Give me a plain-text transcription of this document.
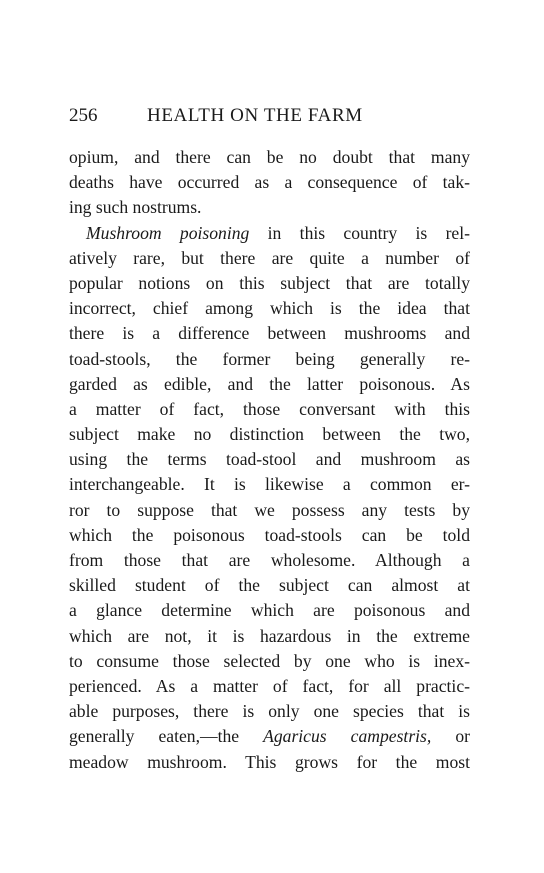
256	HEALTH ON THE FARM
opium, and there can be no doubt that many
deaths have occurred as a consequence of tak-
ing such nostrums.
Mushroom poisoning in this country is rel-
atively rare, but there are quite a number of
popular notions on this subject that are totally
incorrect, chief among which is the idea that
there is a difference between mushrooms and
toad-stools, the former being generally re-
garded as edible, and the latter poisonous. As
a matter of fact, those conversant with this
subject make no distinction between the two,
using the terms toad-stool and mushroom as
interchangeable. It is likewise a common er-
ror to suppose that we possess any tests by
which the poisonous toad-stools can be told
from those that are wholesome. Although a
skilled student of the subject can almost at
a glance determine which are poisonous and
which are not, it is hazardous in the extreme
to consume those selected by one who is inex-
perienced. As a matter of fact, for all practic-
able purposes, there is only one species that is
generally eaten,—the Agaricus campestris, or
meadow mushroom. This grows for the most
